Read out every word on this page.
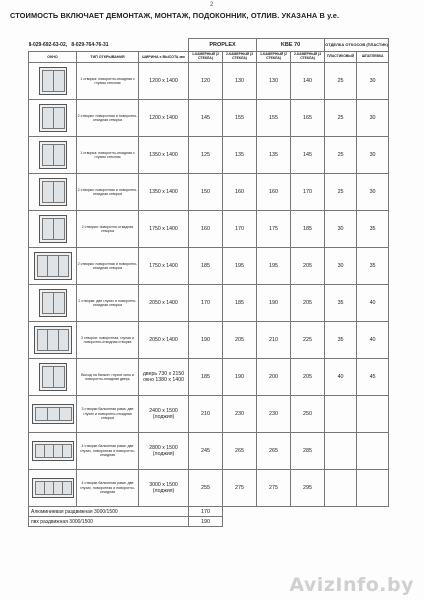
2
СТОИМОСТЬ ВКЛЮЧАЕТ ДЕМОНТАЖ, МОНТАЖ, ПОДОКОННИК, ОТЛИВ. УКАЗАНА В у.е.
8-029-692-63-02, 8-029-764-76-31			PROPLEX		KBE 70		ОТДЕЛКА ОТКОСОВ (ПЛАСТИК)	
ОКНО	ТИП ОТКРЫВАНИЯ	ШИРИНА х ВЫСОТА мм	1-КАМЕРНЫЙ (2 СТЕКЛА)	2-КАМЕРНЫЙ (3 СТЕКЛА)	1-КАМЕРНЫЙ (2 СТЕКЛА)	2-КАМЕРНЫЙ (3 СТЕКЛА)	ПЛАСТИКОВЫЙ	ШПАТЛЕВКА

	1 створка: поворотно-откидная с глухим стеклом	1200 х 1400	120	130	130	140	25	30

	2 створки: поворотная и поворотно-откидная створка	1200 х 1400	145	155	155	165	25	30

	1 створка: поворотно-откидная с глухим стеклом	1350 х 1400	125	135	135	145	25	30

	2 створки: поворотная и поворотно-откидная створка	1350 х 1400	150	160	160	170	25	30

	2 створки: поворотно-откидная створка	1750 х 1400	160	170	175	185	30	35

	2 створки: поворотная и поворотно-откидная створка	1750 х 1400	185	195	195	205	30	35

	2 створки: две глухих и поворотно-откидная створка	2050 х 1400	170	185	190	205	35	40

	3 створки: поворотная, глухая и поворотно-откидная створка	2050 х 1400	190	205	210	225	35	40

	Выход на балкон: глухое окно и поворотно-откидная дверь	дверь 730 х 2150 окно 1380 х 1400	185	190	200	205	40	45

	3 створки балконная рама: две глухих и поворотно-откидная створка	2400 х 1500 (лоджия)	210	230	230	250		

	4 створки балконная рама: две глухих, поворотная и поворотно-откидная	2800 х 1500 (лоджия)	245	265	265	285		

	4 створки балконная рама: две глухих, поворотная и поворотно-откидная	3000 х 1500 (лоджия)	255	275	275	295		
Алюминиевая раздвижная 3000/1500			170					
пвх раздвижная 3000/1500			190					
AvizInfo.by
